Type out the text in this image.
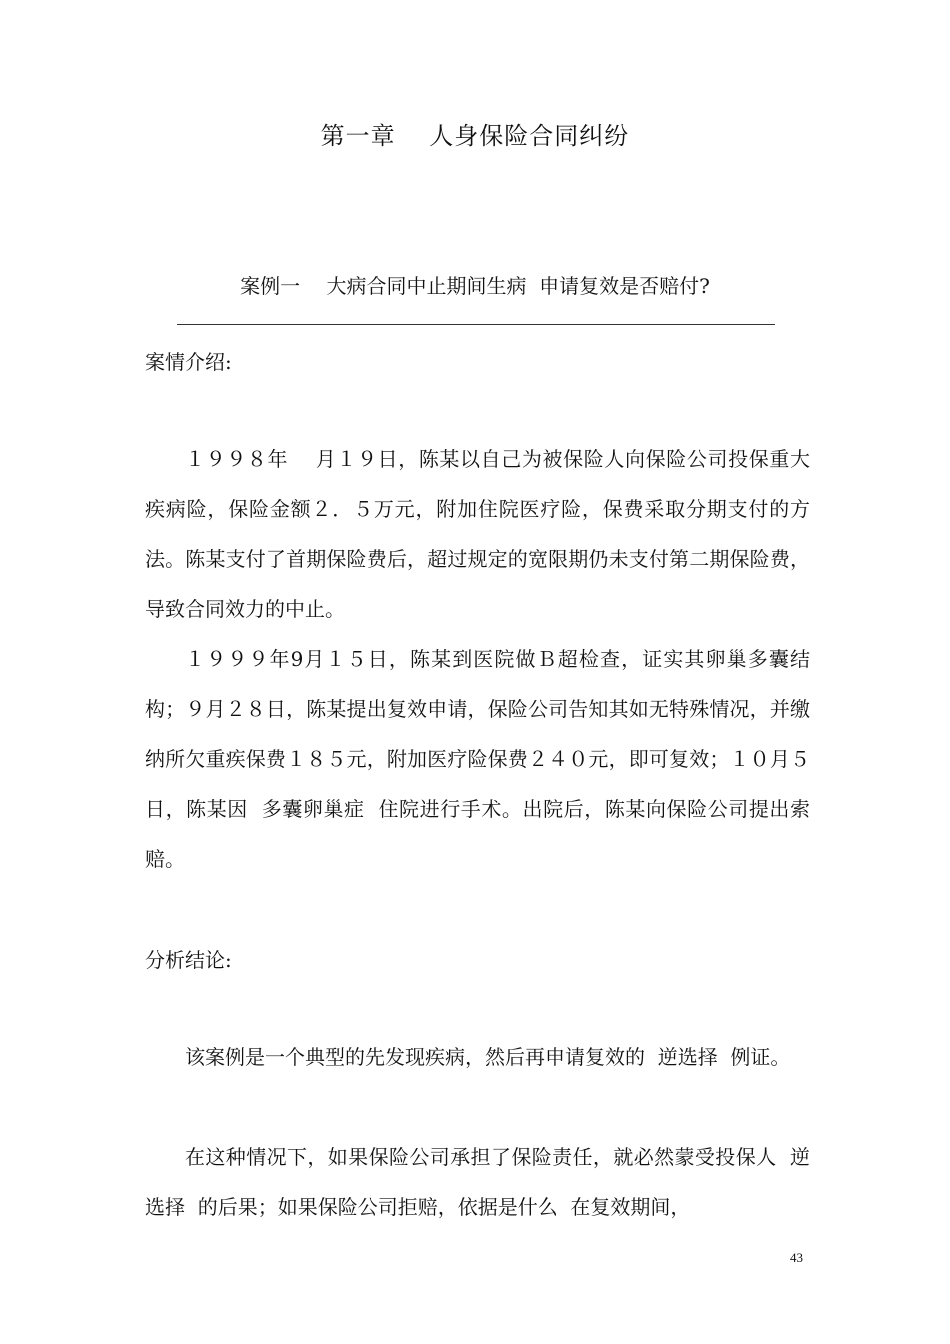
第一章　 人身保险合同纠纷
案例一　 大病合同中止期间生病  申请复效是否赔付?
案情介绍:
１９９８年　 月１９日，陈某以自己为被保险人向保险公司投保重大疾病险，保险金额２．５万元，附加住院医疗险，保费采取分期支付的方法。陈某支付了首期保险费后，超过规定的宽限期仍未支付第二期保险费，导致合同效力的中止。
１９９９年9月１５日，陈某到医院做Ｂ超检查，证实其卵巢多囊结构；９月２８日，陈某提出复效申请，保险公司告知其如无特殊情况，并缴纳所欠重疾保费１８５元，附加医疗险保费２４０元，即可复效；１０月５日，陈某因  多囊卵巢症  住院进行手术。出院后，陈某向保险公司提出索赔。
分析结论:
该案例是一个典型的先发现疾病，然后再申请复效的  逆选择  例证。
在这种情况下，如果保险公司承担了保险责任，就必然蒙受投保人  逆选择  的后果；如果保险公司拒赔，依据是什么  在复效期间，
43
